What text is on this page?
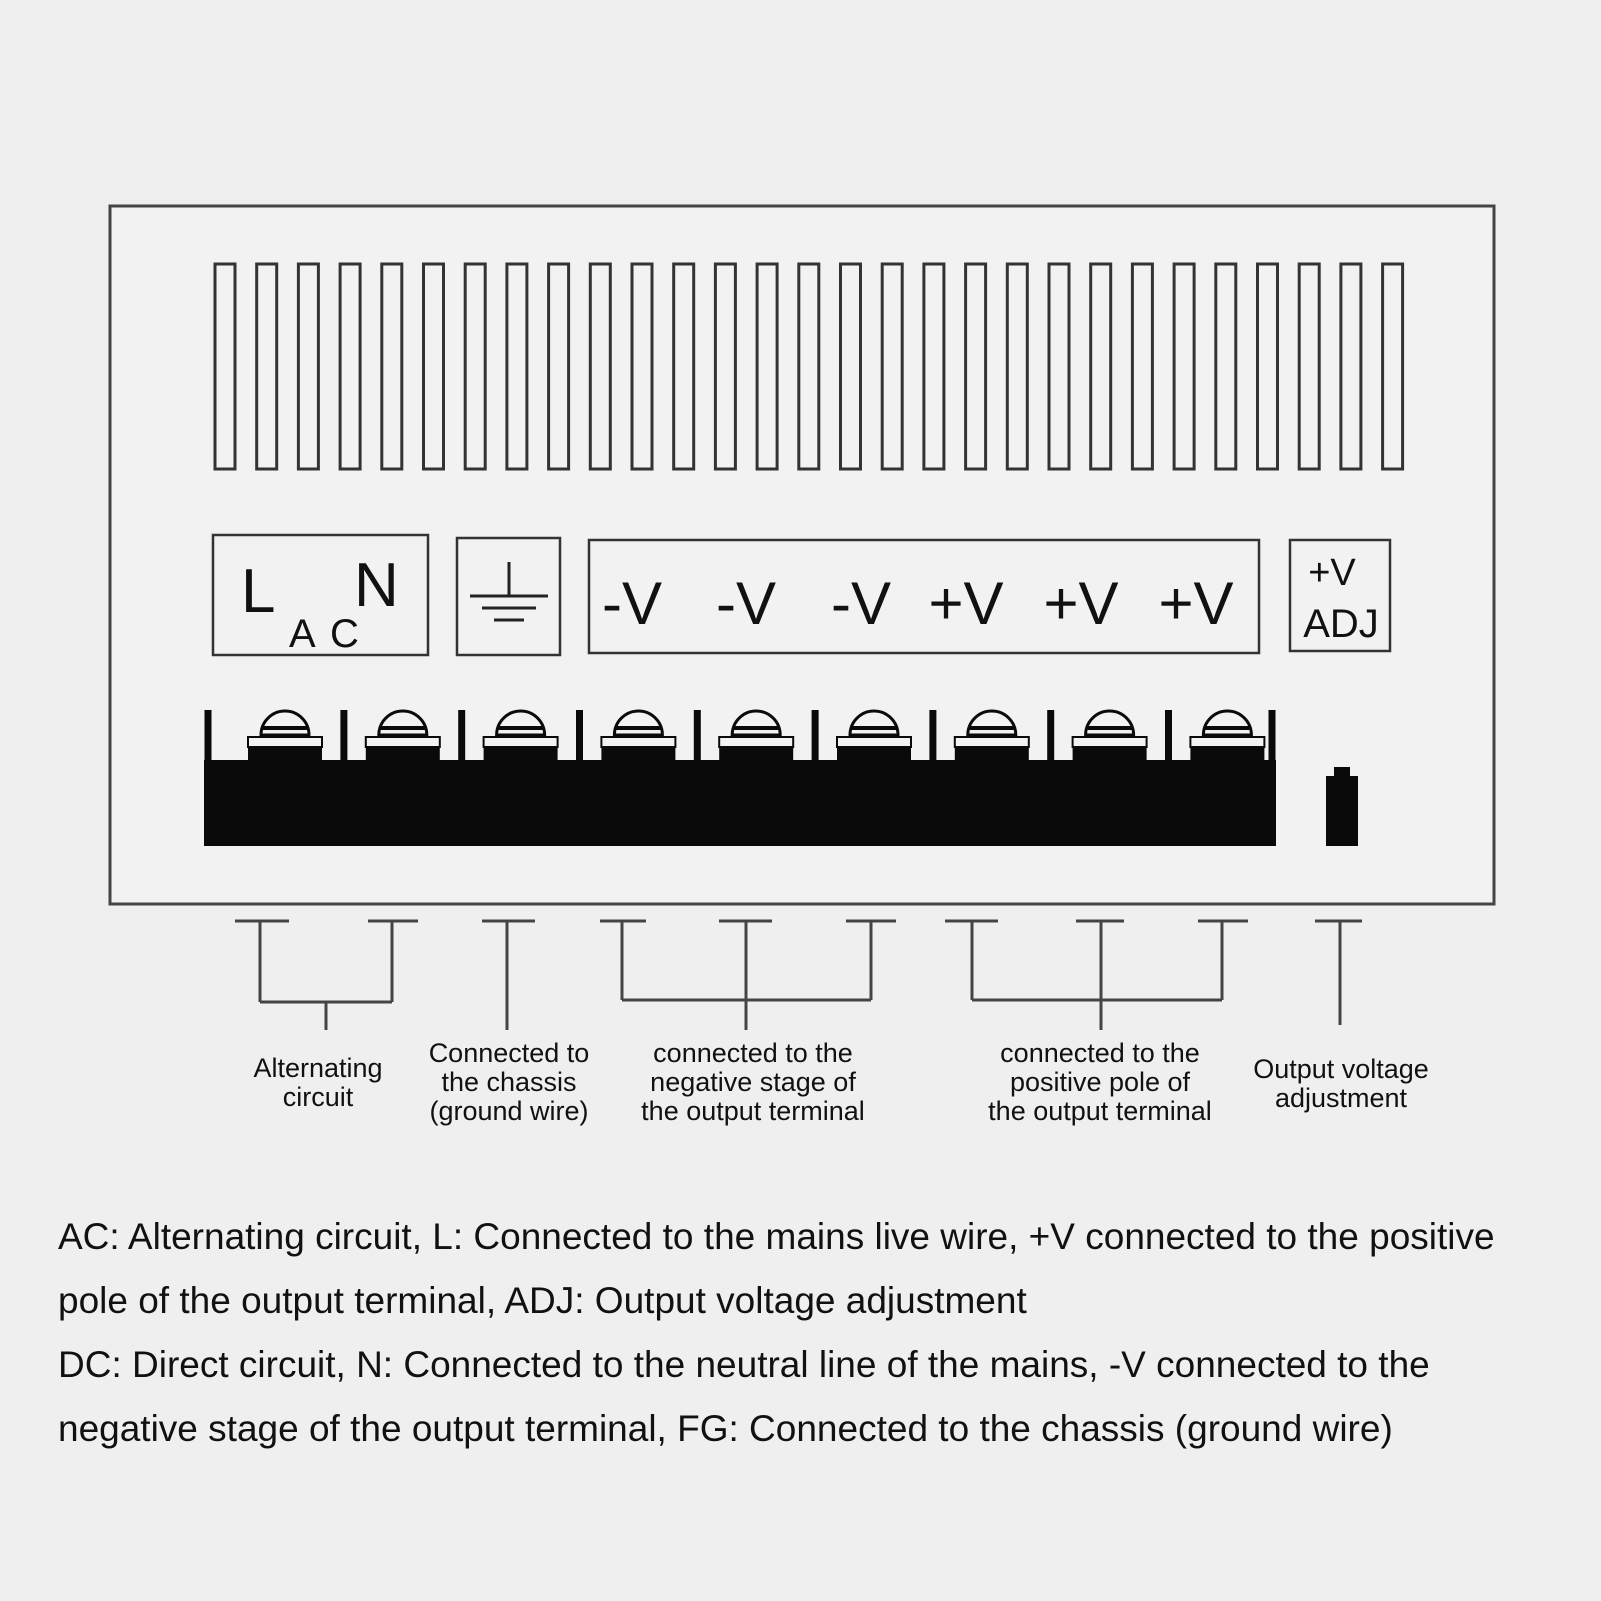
L
A C
N	-V -V -V +V +V +V +V
ADJ
Alternating
circuit
Connected to
the chassis
(ground wire)
connected to the
negative stage of
the output terminal
connected to the
positive pole of
the output terminal
Output voltage
adjustment

AC: Alternating circuit, L: Connected to the mains live wire, +V connected to the positive pole of the output terminal, ADJ: Output voltage adjustment

DC: Direct circuit, N: Connected to the neutral line of the mains, -V connected to the negative stage of the output terminal, FG: Connected to the chassis (ground wire)
